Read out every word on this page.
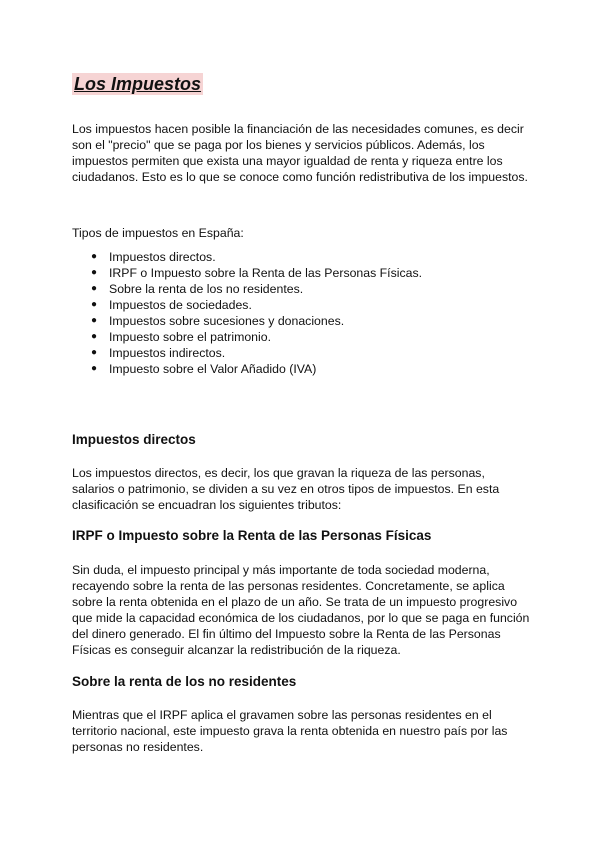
Los Impuestos

Los impuestos hacen posible la financiación de las necesidades comunes, es decir son el "precio" que se paga por los bienes y servicios públicos. Además, los impuestos permiten que exista una mayor igualdad de renta y riqueza entre los ciudadanos. Esto es lo que se conoce como función redistributiva de los impuestos.

Tipos de impuestos en España:

● Impuestos directos.
● IRPF o Impuesto sobre la Renta de las Personas Físicas.
● Sobre la renta de los no residentes.
● Impuestos de sociedades.
● Impuestos sobre sucesiones y donaciones.
● Impuesto sobre el patrimonio.
● Impuestos indirectos.
● Impuesto sobre el Valor Añadido (IVA)
Impuestos directos

Los impuestos directos, es decir, los que gravan la riqueza de las personas, salarios o patrimonio, se dividen a su vez en otros tipos de impuestos. En esta clasificación se encuadran los siguientes tributos:

IRPF o Impuesto sobre la Renta de las Personas Físicas

Sin duda, el impuesto principal y más importante de toda sociedad moderna, recayendo sobre la renta de las personas residentes. Concretamente, se aplica sobre la renta obtenida en el plazo de un año. Se trata de un impuesto progresivo que mide la capacidad económica de los ciudadanos, por lo que se paga en función del dinero generado. El fin último del Impuesto sobre la Renta de las Personas Físicas es conseguir alcanzar la redistribución de la riqueza.

Sobre la renta de los no residentes

Mientras que el IRPF aplica el gravamen sobre las personas residentes en el territorio nacional, este impuesto grava la renta obtenida en nuestro país por las personas no residentes.
